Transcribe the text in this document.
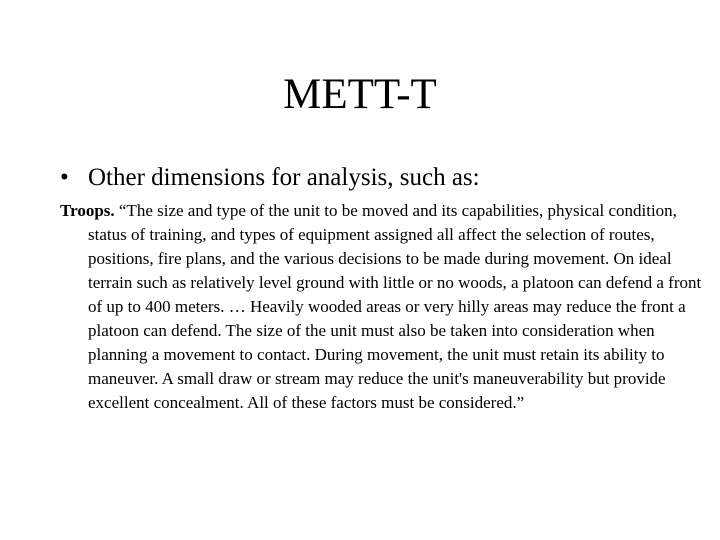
METT-T
• Other dimensions for analysis, such as:

Troops. “The size and type of the unit to be moved and its capabilities, physical condition, status of training, and types of equipment assigned all affect the selection of routes, positions, fire plans, and the various decisions to be made during movement. On ideal terrain such as relatively level ground with little or no woods, a platoon can defend a front of up to 400 meters. … Heavily wooded areas or very hilly areas may reduce the front a platoon can defend. The size of the unit must also be taken into consideration when planning a movement to contact. During movement, the unit must retain its ability to maneuver. A small draw or stream may reduce the unit's maneuverability but provide excellent concealment. All of these factors must be considered.”
